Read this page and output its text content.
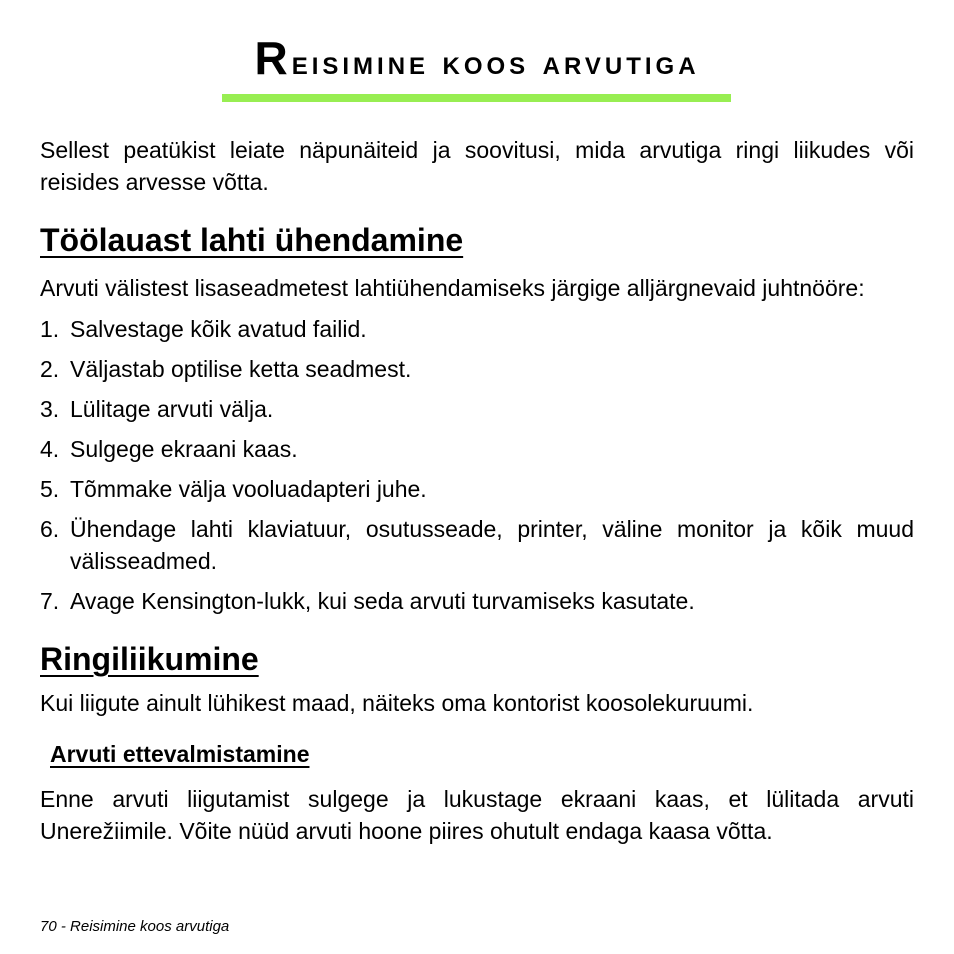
Reisimine koos arvutiga

Sellest peatükist leiate näpunäiteid ja soovitusi, mida arvutiga ringi liikudes või reisides arvesse võtta.

Töölauast lahti ühendamine

Arvuti välistest lisaseadmetest lahtiühendamiseks järgige alljärgnevaid juhtnööre:

1. Salvestage kõik avatud failid.
2. Väljastab optilise ketta seadmest.
3. Lülitage arvuti välja.
4. Sulgege ekraani kaas.
5. Tõmmake välja vooluadapteri juhe.
6. Ühendage lahti klaviatuur, osutusseade, printer, väline monitor ja kõik muud välisseadmed.
7. Avage Kensington-lukk, kui seda arvuti turvamiseks kasutate.
Ringiliikumine

Kui liigute ainult lühikest maad, näiteks oma kontorist koosolekuruumi.

Arvuti ettevalmistamine

Enne arvuti liigutamist sulgege ja lukustage ekraani kaas, et lülitada arvuti Unerežiimile. Võite nüüd arvuti hoone piires ohutult endaga kaasa võtta.

70 - Reisimine koos arvutiga
